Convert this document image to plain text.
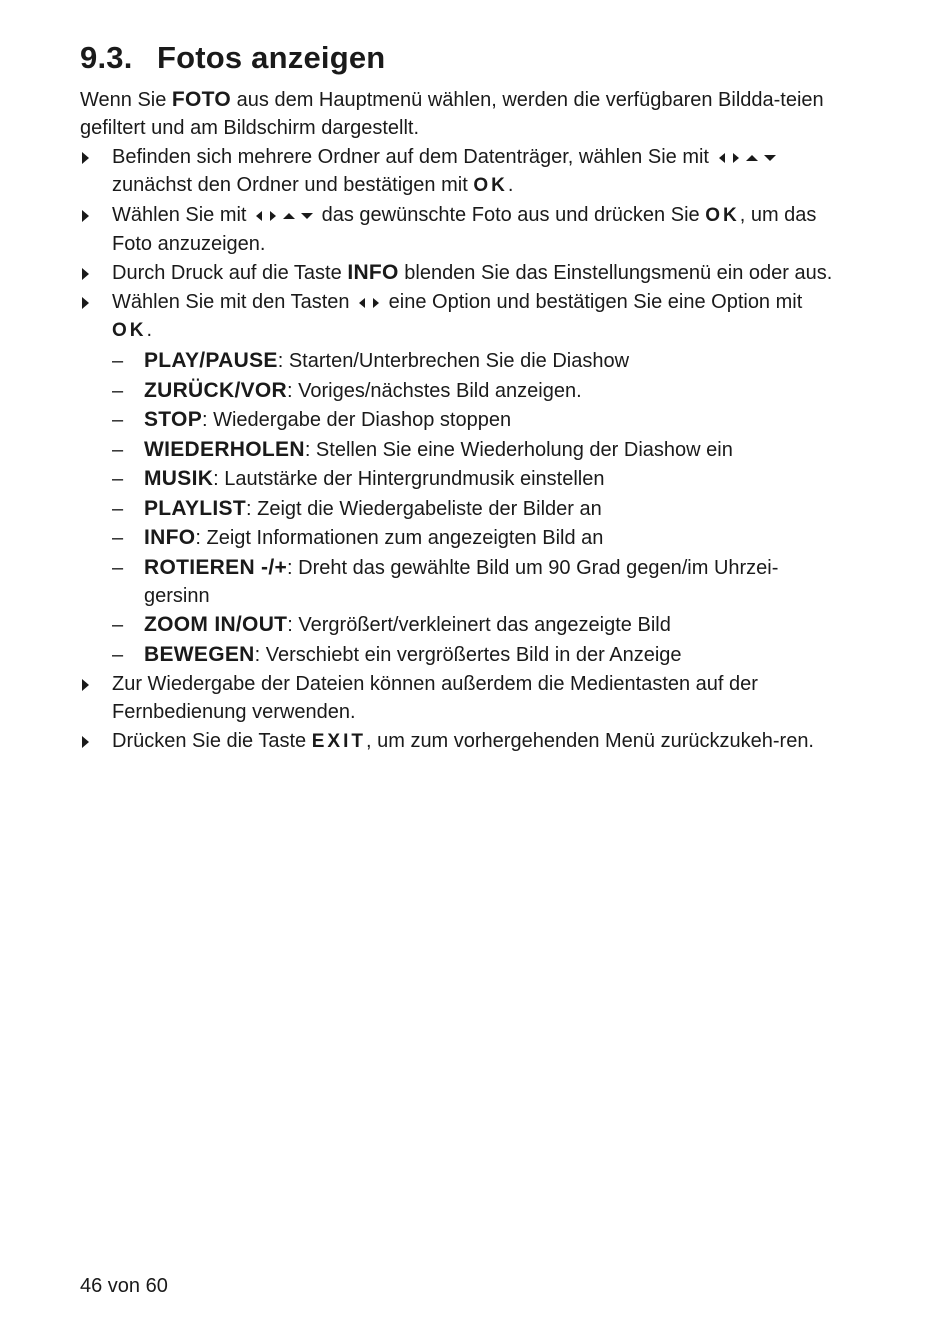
9.3. Fotos anzeigen

Wenn Sie FOTO aus dem Hauptmenü wählen, werden die verfügbaren Bildda-teien gefiltert und am Bildschirm dargestellt.

Befinden sich mehrere Ordner auf dem Datenträger, wählen Sie mit  zunächst den Ordner und bestätigen mit OK.
Wählen Sie mit	das gewünschte Foto aus und drücken Sie OK, um das Foto anzuzeigen.
Durch Druck auf die Taste INFO blenden Sie das Einstellungsmenü ein oder aus.
Wählen Sie mit den Tasten eine Option und bestätigen Sie eine Option mit OK.
– PLAY/PAUSE: Starten/Unterbrechen Sie die Diashow
– ZURÜCK/VOR: Voriges/nächstes Bild anzeigen.
– STOP: Wiedergabe der Diashop stoppen
– WIEDERHOLEN: Stellen Sie eine Wiederholung der Diashow ein
– MUSIK: Lautstärke der Hintergrundmusik einstellen
– PLAYLIST: Zeigt die Wiedergabeliste der Bilder an
– INFO: Zeigt Informationen zum angezeigten Bild an
– ROTIEREN -/+: Dreht das gewählte Bild um 90 Grad gegen/im Uhrzei-gersinn
– ZOOM IN/OUT: Vergrößert/verkleinert das angezeigte Bild
– BEWEGEN: Verschiebt ein vergrößertes Bild in der Anzeige
Zur Wiedergabe der Dateien können außerdem die Medientasten auf der Fernbedienung verwenden.
Drücken Sie die Taste EXIT, um zum vorhergehenden Menü zurückzukeh-ren.
46 von 60
